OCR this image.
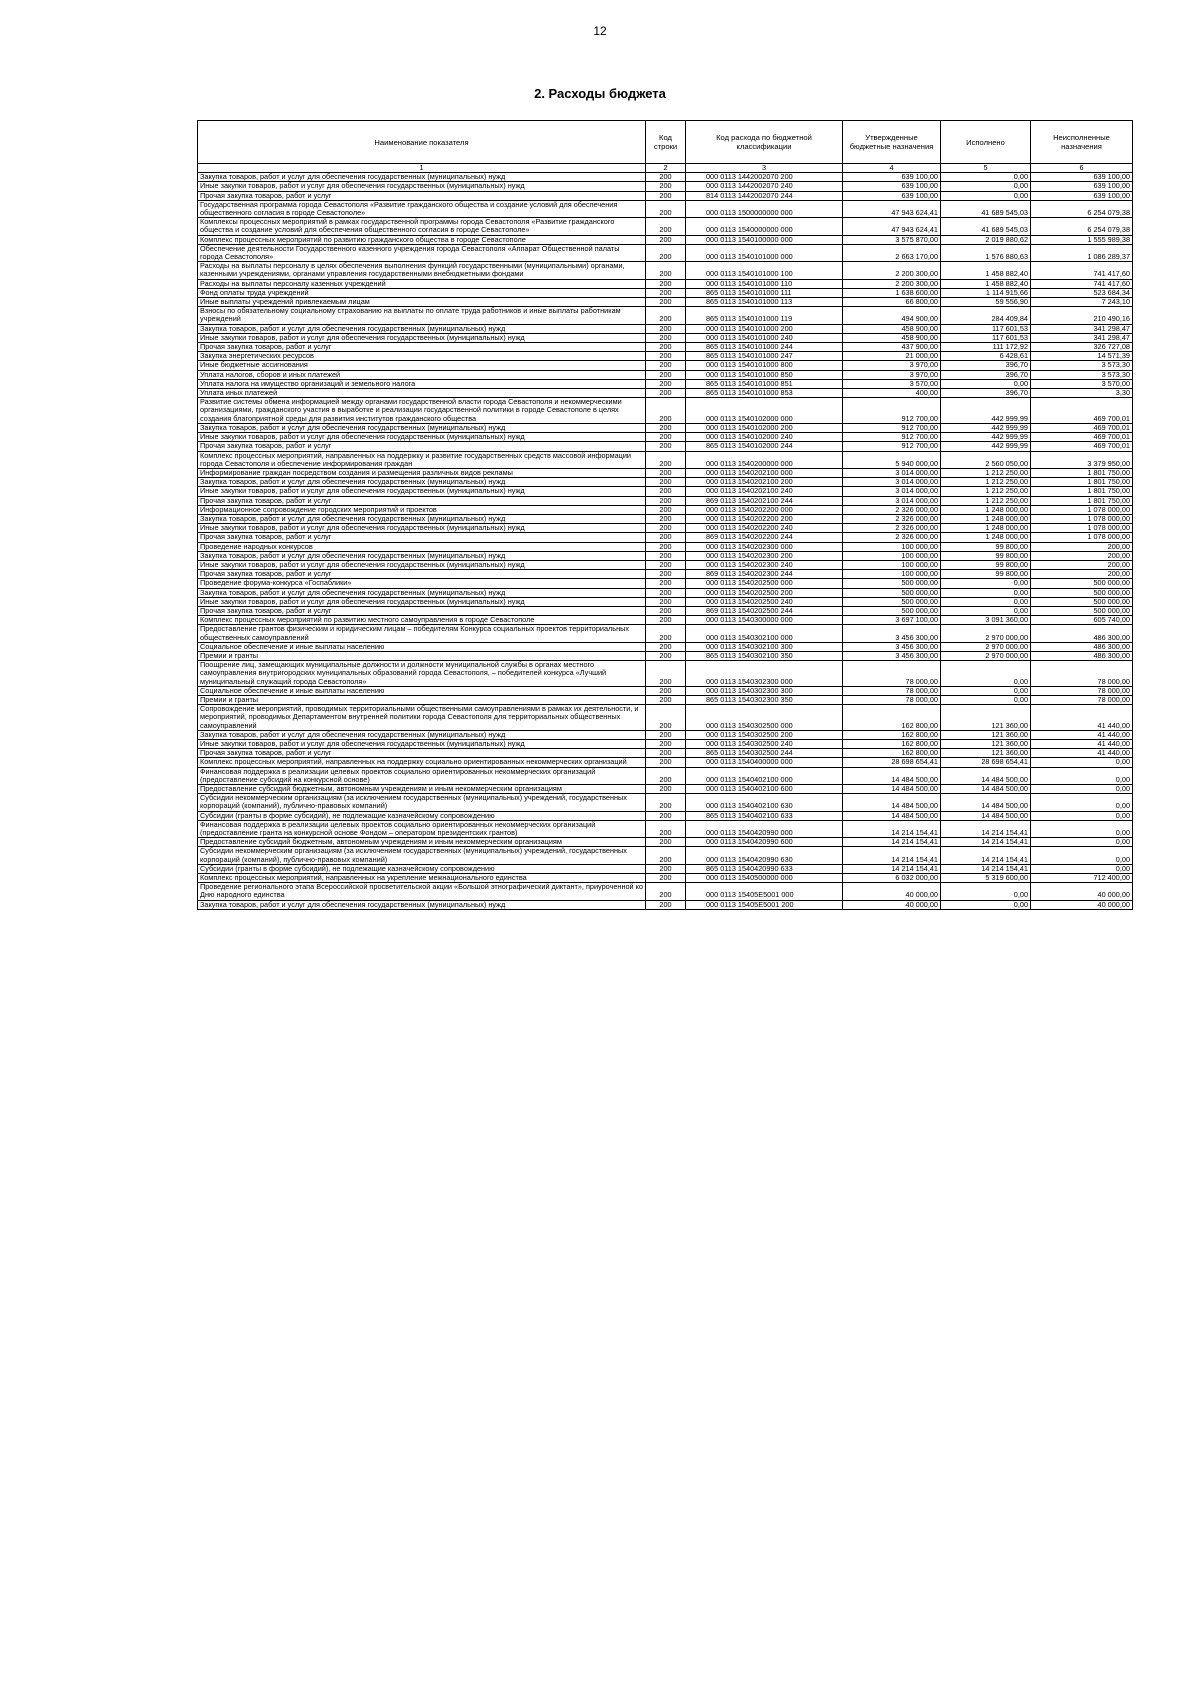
12
2. Расходы бюджета
Наименование показателя	Код строки	Код расхода по бюджетной классификации	Утвержденные бюджетные назначения	Исполнено	Неисполненные назначения
1	2	3	4	5	6
Закупка товаров, работ и услуг для обеспечения государственных (муниципальных) нужд	200	000 0113 1442002070 200	639 100,00	0,00	639 100,00
Иные закупки товаров, работ и услуг для обеспечения государственных (муниципальных) нужд	200	000 0113 1442002070 240	639 100,00	0,00	639 100,00
Прочая закупка товаров, работ и услуг	200	814 0113 1442002070 244	639 100,00	0,00	639 100,00
Государственная программа города Севастополя «Развитие гражданского общества и создание условий для обеспечения общественного согласия в городе Севастополе»	200	000 0113 1500000000 000	47 943 624,41	41 689 545,03	6 254 079,38
Комплексы процессных мероприятий в рамках государственной программы города Севастополя «Развитие гражданского общества и создание условий для обеспечения общественного согласия в городе Севастополе»	200	000 0113 1540000000 000	47 943 624,41	41 689 545,03	6 254 079,38
Комплекс процессных мероприятий по развитию гражданского общества в городе Севастополе	200	000 0113 1540100000 000	3 575 870,00	2 019 880,62	1 555 989,38
Обеспечение деятельности Государственного казенного учреждения города Севастополя «Аппарат Общественной палаты города Севастополя»	200	000 0113 1540101000 000	2 663 170,00	1 576 880,63	1 086 289,37
Расходы на выплаты персоналу в целях обеспечения выполнения функций государственными (муниципальными) органами, казенными учреждениями, органами управления государственными внебюджетными фондами	200	000 0113 1540101000 100	2 200 300,00	1 458 882,40	741 417,60
Расходы на выплаты персоналу казенных учреждений	200	000 0113 1540101000 110	2 200 300,00	1 458 882,40	741 417,60
Фонд оплаты труда учреждений	200	865 0113 1540101000 111	1 638 600,00	1 114 915,66	523 684,34
Иные выплаты учреждений привлекаемым лицам	200	865 0113 1540101000 113	66 800,00	59 556,90	7 243,10
Взносы по обязательному социальному страхованию на выплаты по оплате труда работников и иные выплаты работникам учреждений	200	865 0113 1540101000 119	494 900,00	284 409,84	210 490,16
Закупка товаров, работ и услуг для обеспечения государственных (муниципальных) нужд	200	000 0113 1540101000 200	458 900,00	117 601,53	341 298,47
Иные закупки товаров, работ и услуг для обеспечения государственных (муниципальных) нужд	200	000 0113 1540101000 240	458 900,00	117 601,53	341 298,47
Прочая закупка товаров, работ и услуг	200	865 0113 1540101000 244	437 900,00	111 172,92	326 727,08
Закупка энергетических ресурсов	200	865 0113 1540101000 247	21 000,00	6 428,61	14 571,39
Иные бюджетные ассигнования	200	000 0113 1540101000 800	3 970,00	396,70	3 573,30
Уплата налогов, сборов и иных платежей	200	000 0113 1540101000 850	3 970,00	396,70	3 573,30
Уплата налога на имущество организаций и земельного налога	200	865 0113 1540101000 851	3 570,00	0,00	3 570,00
Уплата иных платежей	200	865 0113 1540101000 853	400,00	396,70	3,30
Развитие системы обмена информацией между органами государственной власти города Севастополя и некоммерческими организациями, гражданского участия в выработке и реализации государственной политики в городе Севастополе в целях создания благоприятной среды для развития институтов гражданского общества	200	000 0113 1540102000 000	912 700,00	442 999,99	469 700,01
Закупка товаров, работ и услуг для обеспечения государственных (муниципальных) нужд	200	000 0113 1540102000 200	912 700,00	442 999,99	469 700,01
Иные закупки товаров, работ и услуг для обеспечения государственных (муниципальных) нужд	200	000 0113 1540102000 240	912 700,00	442 999,99	469 700,01
Прочая закупка товаров, работ и услуг	200	865 0113 1540102000 244	912 700,00	442 999,99	469 700,01
Комплекс процессных мероприятий, направленных на поддержку и развитие государственных средств массовой информации города Севастополя и обеспечение информирования граждан	200	000 0113 1540200000 000	5 940 000,00	2 560 050,00	3 379 950,00
Информирование граждан посредством создания и размещения различных видов рекламы	200	000 0113 1540202100 000	3 014 000,00	1 212 250,00	1 801 750,00
Закупка товаров, работ и услуг для обеспечения государственных (муниципальных) нужд	200	000 0113 1540202100 200	3 014 000,00	1 212 250,00	1 801 750,00
Иные закупки товаров, работ и услуг для обеспечения государственных (муниципальных) нужд	200	000 0113 1540202100 240	3 014 000,00	1 212 250,00	1 801 750,00
Прочая закупка товаров, работ и услуг	200	869 0113 1540202100 244	3 014 000,00	1 212 250,00	1 801 750,00
Информационное сопровождение городских мероприятий и проектов	200	000 0113 1540202200 000	2 326 000,00	1 248 000,00	1 078 000,00
Закупка товаров, работ и услуг для обеспечения государственных (муниципальных) нужд	200	000 0113 1540202200 200	2 326 000,00	1 248 000,00	1 078 000,00
Иные закупки товаров, работ и услуг для обеспечения государственных (муниципальных) нужд	200	000 0113 1540202200 240	2 326 000,00	1 248 000,00	1 078 000,00
Прочая закупка товаров, работ и услуг	200	869 0113 1540202200 244	2 326 000,00	1 248 000,00	1 078 000,00
Проведение народных конкурсов	200	000 0113 1540202300 000	100 000,00	99 800,00	200,00
Закупка товаров, работ и услуг для обеспечения государственных (муниципальных) нужд	200	000 0113 1540202300 200	100 000,00	99 800,00	200,00
Иные закупки товаров, работ и услуг для обеспечения государственных (муниципальных) нужд	200	000 0113 1540202300 240	100 000,00	99 800,00	200,00
Прочая закупка товаров, работ и услуг	200	869 0113 1540202300 244	100 000,00	99 800,00	200,00
Проведение форума-конкурса «Госпаблики»	200	000 0113 1540202500 000	500 000,00	0,00	500 000,00
Закупка товаров, работ и услуг для обеспечения государственных (муниципальных) нужд	200	000 0113 1540202500 200	500 000,00	0,00	500 000,00
Иные закупки товаров, работ и услуг для обеспечения государственных (муниципальных) нужд	200	000 0113 1540202500 240	500 000,00	0,00	500 000,00
Прочая закупка товаров, работ и услуг	200	869 0113 1540202500 244	500 000,00	0,00	500 000,00
Комплекс процессных мероприятий по развитию местного самоуправления в городе Севастополе	200	000 0113 1540300000 000	3 697 100,00	3 091 360,00	605 740,00
Предоставление грантов физическим и юридическим лицам – победителям Конкурса социальных проектов территориальных общественных самоуправлений	200	000 0113 1540302100 000	3 456 300,00	2 970 000,00	486 300,00
Социальное обеспечение и иные выплаты населению	200	000 0113 1540302100 300	3 456 300,00	2 970 000,00	486 300,00
Премии и гранты	200	865 0113 1540302100 350	3 456 300,00	2 970 000,00	486 300,00
Поощрение лиц, замещающих муниципальные должности и должности муниципальной службы в органах местного самоуправления внутригородских муниципальных образований города Севастополя, – победителей конкурса «Лучший муниципальный служащий города Севастополя»	200	000 0113 1540302300 000	78 000,00	0,00	78 000,00
Социальное обеспечение и иные выплаты населению	200	000 0113 1540302300 300	78 000,00	0,00	78 000,00
Премии и гранты	200	865 0113 1540302300 350	78 000,00	0,00	78 000,00
Сопровождение мероприятий, проводимых территориальными общественными самоуправлениями в рамках их деятельности, и мероприятий, проводимых Департаментом внутренней политики города Севастополя для территориальных общественных самоуправлений	200	000 0113 1540302500 000	162 800,00	121 360,00	41 440,00
Закупка товаров, работ и услуг для обеспечения государственных (муниципальных) нужд	200	000 0113 1540302500 200	162 800,00	121 360,00	41 440,00
Иные закупки товаров, работ и услуг для обеспечения государственных (муниципальных) нужд	200	000 0113 1540302500 240	162 800,00	121 360,00	41 440,00
Прочая закупка товаров, работ и услуг	200	865 0113 1540302500 244	162 800,00	121 360,00	41 440,00
Комплекс процессных мероприятий, направленных на поддержку социально ориентированных некоммерческих организаций	200	000 0113 1540400000 000	28 698 654,41	28 698 654,41	0,00
Финансовая поддержка в реализации целевых проектов социально ориентированных некоммерческих организаций (предоставление субсидий на конкурсной основе)	200	000 0113 1540402100 000	14 484 500,00	14 484 500,00	0,00
Предоставление субсидий бюджетным, автономным учреждениям и иным некоммерческим организациям	200	000 0113 1540402100 600	14 484 500,00	14 484 500,00	0,00
Субсидии некоммерческим организациям (за исключением государственных (муниципальных) учреждений, государственных корпораций (компаний), публично-правовых компаний)	200	000 0113 1540402100 630	14 484 500,00	14 484 500,00	0,00
Субсидии (гранты в форме субсидий), не подлежащие казначейскому сопровождению	200	865 0113 1540402100 633	14 484 500,00	14 484 500,00	0,00
Финансовая поддержка в реализации целевых проектов социально ориентированных некоммерческих организаций (предоставление гранта на конкурсной основе Фондом – оператором президентских грантов)	200	000 0113 1540420990 000	14 214 154,41	14 214 154,41	0,00
Предоставление субсидий бюджетным, автономным учреждениям и иным некоммерческим организациям	200	000 0113 1540420990 600	14 214 154,41	14 214 154,41	0,00
Субсидии некоммерческим организациям (за исключением государственных (муниципальных) учреждений, государственных корпораций (компаний), публично-правовых компаний)	200	000 0113 1540420990 630	14 214 154,41	14 214 154,41	0,00
Субсидии (гранты в форме субсидий), не подлежащие казначейскому сопровождению	200	865 0113 1540420990 633	14 214 154,41	14 214 154,41	0,00
Комплекс процессных мероприятий, направленных на укрепление межнационального единства	200	000 0113 1540500000 000	6 032 000,00	5 319 600,00	712 400,00
Проведение регионального этапа Всероссийской просветительской акции «Большой этнографический диктант», приуроченной ко Дню народного единства	200	000 0113 15405E5001 000	40 000,00	0,00	40 000,00
Закупка товаров, работ и услуг для обеспечения государственных (муниципальных) нужд	200	000 0113 15405E5001 200	40 000,00	0,00	40 000,00
